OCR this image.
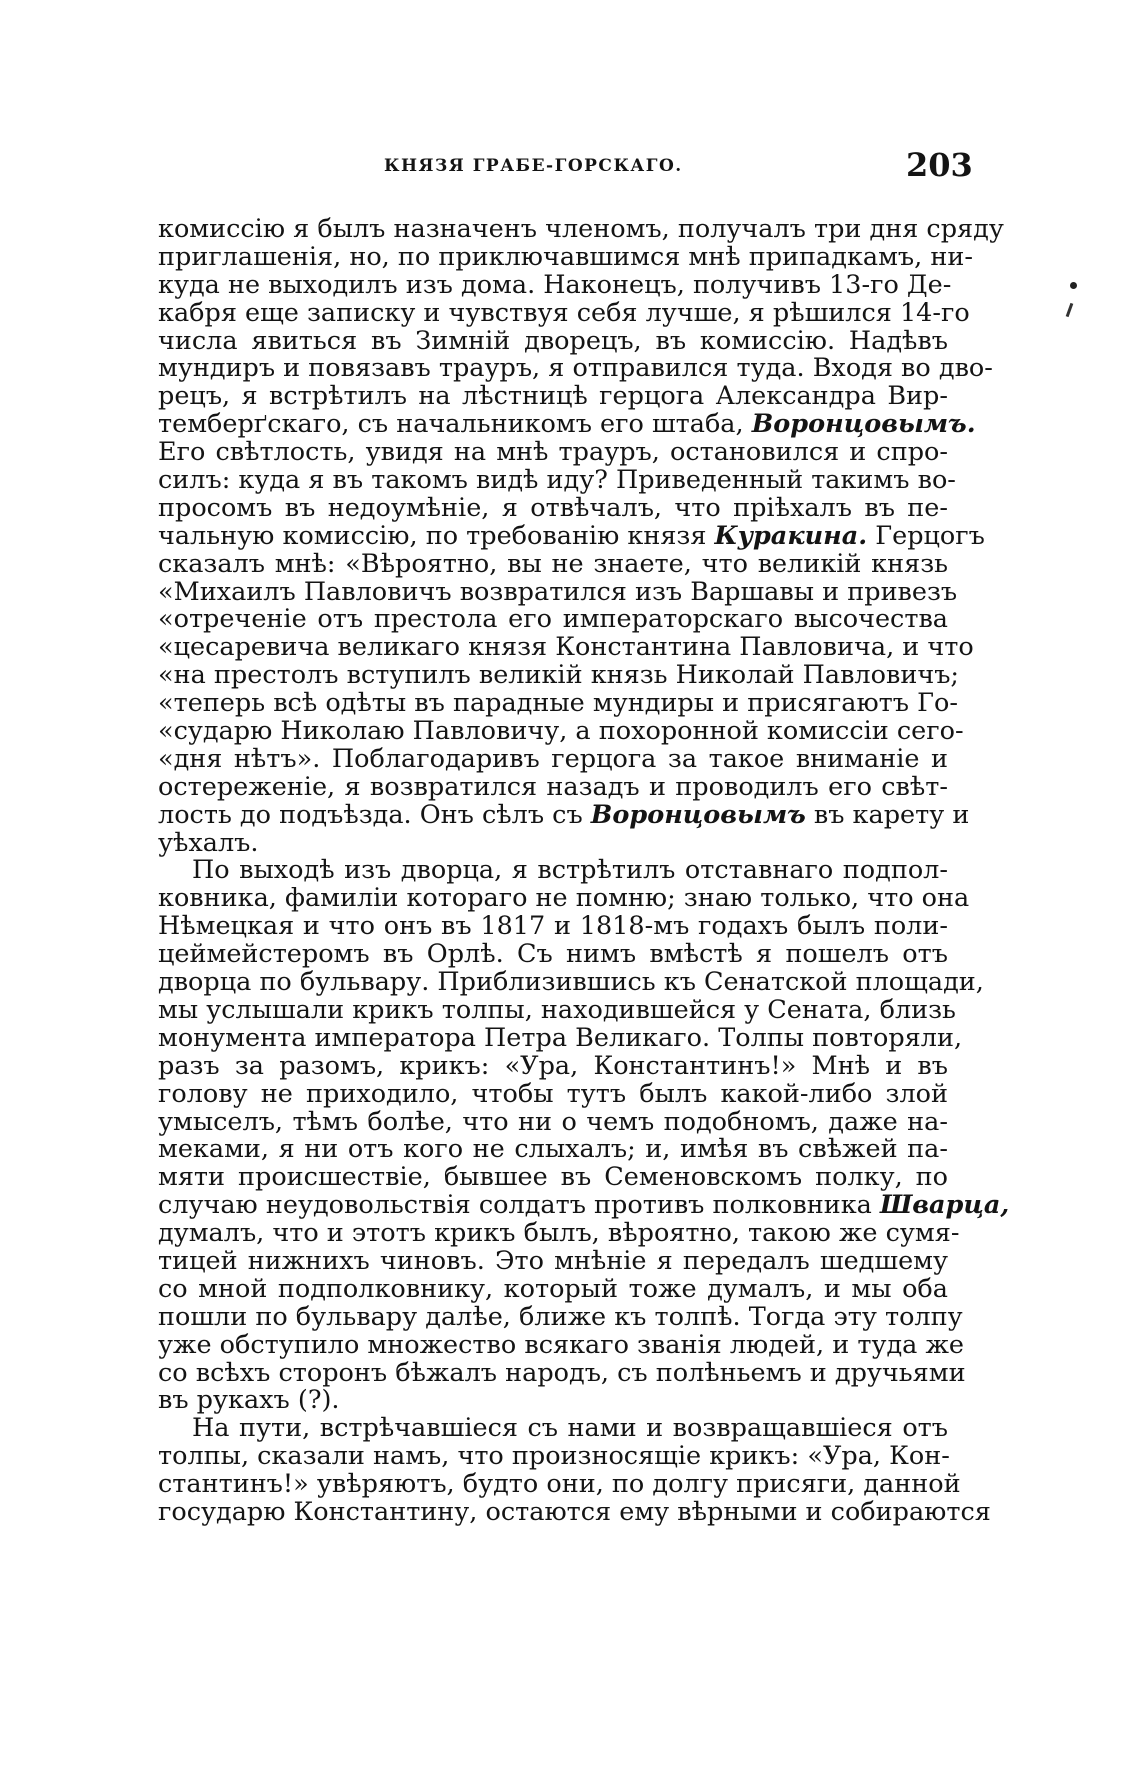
КНЯЗЯ ГРАБЕ-ГОРСКАГО.	203
комиссію я былъ назначенъ членомъ, получалъ три дня сряду
приглашенія, но, по приключавшимся мнѣ припадкамъ, ни-
куда не выходилъ изъ дома. Наконецъ, получивъ 13-го Де-
кабря еще записку и чувствуя себя лучше, я рѣшился 14-го
числа явиться въ Зимній дворецъ, въ комиссію. Надѣвъ
мундиръ и повязавъ трауръ, я отправился туда. Входя во дво-
рецъ, я встрѣтилъ на лѣстницѣ герцога Александра Вир-
темберґскаго, съ начальникомъ его штаба, Воронцовымъ.
Его свѣтлость, увидя на мнѣ трауръ, остановился и спро-
силъ: куда я въ такомъ видѣ иду? Приведенный такимъ во-
просомъ въ недоумѣніе, я отвѣчалъ, что пріѣхалъ въ пе-
чальную комиссію, по требованію князя Куракина. Герцогъ
сказалъ мнѣ: «Вѣроятно, вы не знаете, что великій князь
«Михаилъ Павловичъ возвратился изъ Варшавы и привезъ
«отреченіе отъ престола его императорскаго высочества
«цесаревича великаго князя Константина Павловича, и что
«на престолъ вступилъ великій князь Николай Павловичъ;
«теперь всѣ одѣты въ парадные мундиры и присягаютъ Го-
«сударю Николаю Павловичу, а похоронной комиссіи сего-
«дня нѣтъ». Поблагодаривъ герцога за такое вниманіе и
остереженіе, я возвратился назадъ и проводилъ его свѣт-
лость до подъѣзда. Онъ сѣлъ съ Воронцовымъ въ карету и
уѣхалъ.
По выходѣ изъ дворца, я встрѣтилъ отставнаго подпол-
ковника, фамиліи котораго не помню; знаю только, что она
Нѣмецкая и что онъ въ 1817 и 1818-мъ годахъ былъ поли-
цеймейстеромъ въ Орлѣ. Съ нимъ вмѣстѣ я пошелъ отъ
дворца по бульвару. Приблизившись къ Сенатской площади,
мы услышали крикъ толпы, находившейся у Сената, близь
монумента императора Петра Великаго. Толпы повторяли,
разъ за разомъ, крикъ: «Ура, Константинъ!» Мнѣ и въ
голову не приходило, чтобы тутъ былъ какой-либо злой
умыселъ, тѣмъ болѣе, что ни о чемъ подобномъ, даже на-
меками, я ни отъ кого не слыхалъ; и, имѣя въ свѣжей па-
мяти происшествіе, бывшее въ Семеновскомъ полку, по
случаю неудовольствія солдатъ противъ полковника Шварца,
думалъ, что и этотъ крикъ былъ, вѣроятно, такою же сумя-
тицей нижнихъ чиновъ. Это мнѣніе я передалъ шедшему
со мной подполковнику, который тоже думалъ, и мы оба
пошли по бульвару далѣе, ближе къ толпѣ. Тогда эту толпу
уже обступило множество всякаго званія людей, и туда же
со всѣхъ сторонъ бѣжалъ народъ, съ полѣньемъ и дручьями
въ рукахъ (?).
На пути, встрѣчавшіеся съ нами и возвращавшіеся отъ
толпы, сказали намъ, что произносящіе крикъ: «Ура, Кон-
стантинъ!» увѣряютъ, будто они, по долгу присяги, данной
государю Константину, остаются ему вѣрными и собираются
